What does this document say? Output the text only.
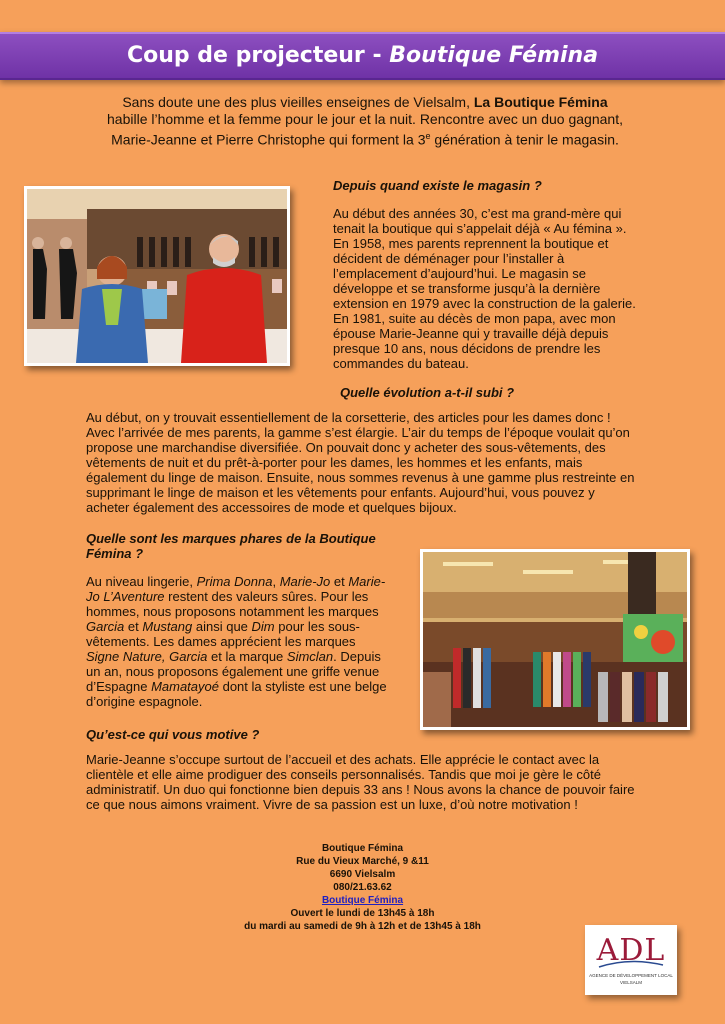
Coup de projecteur - Boutique Fémina
Sans doute une des plus vieilles enseignes de Vielsalm, La Boutique Fémina
habille l’homme et la femme pour le jour et la nuit. Rencontre avec un duo gagnant,
Marie-Jeanne et Pierre Christophe qui forment la 3e génération à tenir le magasin.
Depuis quand existe le magasin ?
Au début des années 30, c’est ma grand-mère qui tenait la boutique qui s’appelait déjà « Au fémina ». En 1958, mes parents reprennent la boutique et décident de déménager pour l’installer à l’emplacement d’aujourd’hui. Le magasin se développe et se transforme jusqu’à la dernière extension en 1979 avec la construction de la galerie. En 1981, suite au décès de mon papa, avec mon épouse Marie-Jeanne qui y travaille déjà depuis presque 10 ans, nous décidons de prendre les commandes du bateau.
Quelle évolution a-t-il subi ?
Au début, on y trouvait essentiellement de la corsetterie, des articles pour les dames donc ! Avec l’arrivée de mes parents, la gamme s’est élargie. L’air du temps de l’époque voulait qu’on propose une marchandise diversifiée. On pouvait donc y acheter des sous-vêtements, des vêtements de nuit et du prêt-à-porter pour les dames, les hommes et les enfants, mais également du linge de maison. Ensuite, nous sommes revenus à une gamme plus restreinte en supprimant le linge de maison et les vêtements pour enfants. Aujourd’hui, vous pouvez y acheter également des accessoires de mode et quelques bijoux.
Quelle sont les marques phares de la Boutique Fémina ?
Au niveau lingerie, Prima Donna, Marie-Jo et Marie-Jo L’Aventure restent des valeurs sûres. Pour les hommes, nous proposons notamment les marques Garcia et Mustang ainsi que Dim pour les sous-vêtements. Les dames apprécient les marques Signe Nature, Garcia et la marque Simclan. Depuis un an, nous proposons également une griffe venue d’Espagne Mamatayoé dont la styliste est une belge d’origine espagnole.
Qu’est-ce qui vous motive ?
Marie-Jeanne s’occupe surtout de l’accueil et des achats. Elle apprécie le contact avec la clientèle et elle aime prodiguer des conseils personnalisés. Tandis que moi je gère le côté administratif. Un duo qui fonctionne bien depuis 33 ans ! Nous avons la chance de pouvoir faire ce que nous aimons vraiment. Vivre de sa passion est un luxe, d’où notre motivation !
Boutique Fémina
Rue du Vieux Marché, 9 &11
6690 Vielsalm
080/21.63.62
Boutique Fémina
Ouvert le lundi de 13h45 à 18h
du mardi au samedi de 9h à 12h et de 13h45 à 18h
ADL
AGENCE DE DÉVELOPPEMENT LOCAL
VIELSALM
